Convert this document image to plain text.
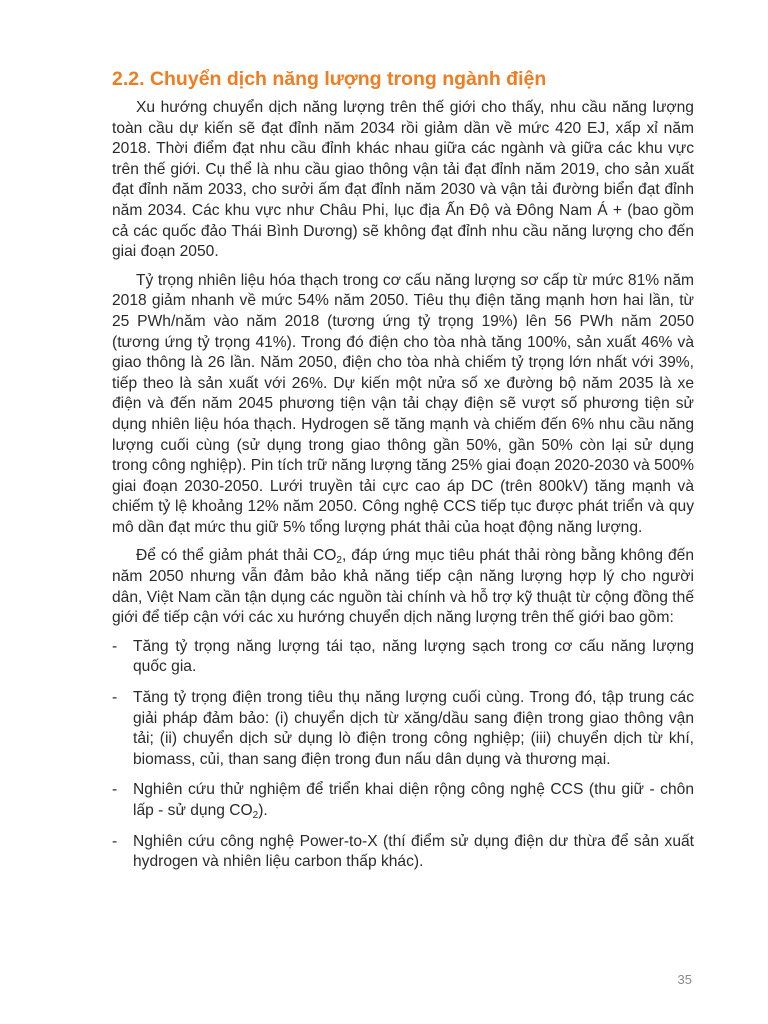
2.2. Chuyển dịch năng lượng trong ngành điện

Xu hướng chuyển dịch năng lượng trên thế giới cho thấy, nhu cầu năng lượng toàn cầu dự kiến sẽ đạt đỉnh năm 2034 rồi giảm dần về mức 420 EJ, xấp xỉ năm 2018. Thời điểm đạt nhu cầu đỉnh khác nhau giữa các ngành và giữa các khu vực trên thế giới. Cụ thể là nhu cầu giao thông vận tải đạt đỉnh năm 2019, cho sản xuất đạt đỉnh năm 2033, cho sưởi ấm đạt đỉnh năm 2030 và vận tải đường biển đạt đỉnh năm 2034. Các khu vực như Châu Phi, lục địa Ấn Độ và Đông Nam Á + (bao gồm cả các quốc đảo Thái Bình Dương) sẽ không đạt đỉnh nhu cầu năng lượng cho đến giai đoạn 2050.

Tỷ trọng nhiên liệu hóa thạch trong cơ cấu năng lượng sơ cấp từ mức 81% năm 2018 giảm nhanh về mức 54% năm 2050. Tiêu thụ điện tăng mạnh hơn hai lần, từ 25 PWh/năm vào năm 2018 (tương ứng tỷ trọng 19%) lên 56 PWh năm 2050 (tương ứng tỷ trọng 41%). Trong đó điện cho tòa nhà tăng 100%, sản xuất 46% và giao thông là 26 lần. Năm 2050, điện cho tòa nhà chiếm tỷ trọng lớn nhất với 39%, tiếp theo là sản xuất với 26%. Dự kiến một nửa số xe đường bộ năm 2035 là xe điện và đến năm 2045 phương tiện vận tải chạy điện sẽ vượt số phương tiện sử dụng nhiên liệu hóa thạch. Hydrogen sẽ tăng mạnh và chiếm đến 6% nhu cầu năng lượng cuối cùng (sử dụng trong giao thông gần 50%, gần 50% còn lại sử dụng trong công nghiệp). Pin tích trữ năng lượng tăng 25% giai đoạn 2020-2030 và 500% giai đoạn 2030-2050. Lưới truyền tải cực cao áp DC (trên 800kV) tăng mạnh và chiếm tỷ lệ khoảng 12% năm 2050. Công nghệ CCS tiếp tục được phát triển và quy mô dần đạt mức thu giữ 5% tổng lượng phát thải của hoạt động năng lượng.

Để có thể giảm phát thải $CO_2$, đáp ứng mục tiêu phát thải ròng bằng không đến năm 2050 nhưng vẫn đảm bảo khả năng tiếp cận năng lượng hợp lý cho người dân, Việt Nam cần tận dụng các nguồn tài chính và hỗ trợ kỹ thuật từ cộng đồng thế giới để tiếp cận với các xu hướng chuyển dịch năng lượng trên thế giới bao gồm:

- Tăng tỷ trọng năng lượng tái tạo, năng lượng sạch trong cơ cấu năng lượng quốc gia.
- Tăng tỷ trọng điện trong tiêu thụ năng lượng cuối cùng. Trong đó, tập trung các giải pháp đảm bảo: (i) chuyển dịch từ xăng/dầu sang điện trong giao thông vận tải; (ii) chuyển dịch sử dụng lò điện trong công nghiệp; (iii) chuyển dịch từ khí, biomass, củi, than sang điện trong đun nấu dân dụng và thương mại.
- Nghiên cứu thử nghiệm để triển khai diện rộng công nghệ CCS (thu giữ - chôn lấp - sử dụng $CO_2$).
- Nghiên cứu công nghệ Power-to-X (thí điểm sử dụng điện dư thừa để sản xuất hydrogen và nhiên liệu carbon thấp khác).
35
